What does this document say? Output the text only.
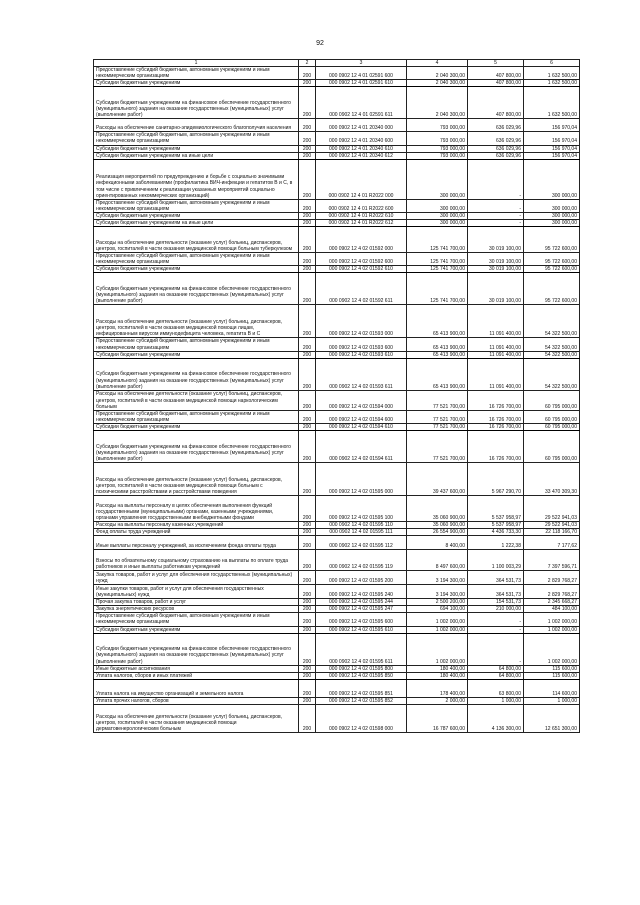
92
1	2	3	4	5	6
Предоставление субсидий бюджетным, автономным учреждениям и иным некоммерческим организациям	200	000 0902 12 4 01 02591 600	2 040 300,00	407 800,00	1 632 500,00
Субсидии бюджетным учреждениям	200	000 0902 12 4 01 02591 610	2 040 300,00	407 800,00	1 632 500,00
Субсидии бюджетным учреждениям на финансовое обеспечение государственного (муниципального) задания на оказание государственных (муниципальных) услуг (выполнение работ)	200	000 0902 12 4 01 02591 611	2 040 300,00	407 800,00	1 632 500,00
Расходы на обеспечение санитарно-эпидемиологического благополучия населения	200	000 0902 12 4 01 20340 000	793 000,00	636 029,96	156 970,04
Предоставление субсидий бюджетным, автономным учреждениям и иным некоммерческим организациям	200	000 0902 12 4 01 20340 600	793 000,00	636 029,96	156 970,04
Субсидии бюджетным учреждениям	200	000 0902 12 4 01 20340 610	793 000,00	636 029,96	156 970,04
Субсидии бюджетным учреждениям на иные цели	200	000 0902 12 4 01 20340 612	793 000,00	636 029,96	156 970,04
Реализация мероприятий по предупреждению и борьбе с социально значимыми инфекционными заболеваниями (профилактика ВИЧ-инфекции и гепатитов В и С, в том числе с привлечением к реализации указанных мероприятий социально ориентированных некоммерческих организаций)	200	000 0902 12 4 01 R2022 000	300 000,00	-	300 000,00
Предоставление субсидий бюджетным, автономным учреждениям и иным некоммерческим организациям	200	000 0902 12 4 01 R2022 600	300 000,00	-	300 000,00
Субсидии бюджетным учреждениям	200	000 0902 12 4 01 R2022 610	300 000,00	-	300 000,00
Субсидии бюджетным учреждениям на иные цели	200	000 0902 12 4 01 R2022 612	300 000,00	-	300 000,00
Расходы на обеспечение деятельности (оказание услуг) больниц, диспансеров, центров, госпиталей в части оказания медицинской помощи больным туберкулезом	200	000 0902 12 4 02 01592 000	125 741 700,00	30 019 100,00	95 722 600,00
Предоставление субсидий бюджетным, автономным учреждениям и иным некоммерческим организациям	200	000 0902 12 4 02 01592 600	125 741 700,00	30 019 100,00	95 722 600,00
Субсидии бюджетным учреждениям	200	000 0902 12 4 02 01592 610	125 741 700,00	30 019 100,00	95 722 600,00
Субсидии бюджетным учреждениям на финансовое обеспечение государственного (муниципального) задания на оказание государственных (муниципальных) услуг (выполнение работ)	200	000 0902 12 4 02 01592 611	125 741 700,00	30 019 100,00	95 722 600,00
Расходы на обеспечение деятельности (оказание услуг) больниц, диспансеров, центров, госпиталей в части оказания медицинской помощи лицам, инфицированным вирусом иммунодефицита человека, гепатита В и С	200	000 0902 12 4 02 01593 000	65 413 900,00	11 091 400,00	54 322 500,00
Предоставление субсидий бюджетным, автономным учреждениям и иным некоммерческим организациям	200	000 0902 12 4 02 01593 600	65 413 900,00	11 091 400,00	54 322 500,00
Субсидии бюджетным учреждениям	200	000 0902 12 4 02 01593 610	65 413 900,00	11 091 400,00	54 322 500,00
Субсидии бюджетным учреждениям на финансовое обеспечение государственного (муниципального) задания на оказание государственных (муниципальных) услуг (выполнение работ)	200	000 0902 12 4 02 01593 611	65 413 900,00	11 091 400,00	54 322 500,00
Расходы на обеспечение деятельности (оказание услуг) больниц, диспансеров, центров, госпиталей в части оказания медицинской помощи наркологическим больным	200	000 0902 12 4 02 01594 000	77 521 700,00	16 726 700,00	60 795 000,00
Предоставление субсидий бюджетным, автономным учреждениям и иным некоммерческим организациям	200	000 0902 12 4 02 01594 600	77 521 700,00	16 726 700,00	60 795 000,00
Субсидии бюджетным учреждениям	200	000 0902 12 4 02 01594 610	77 521 700,00	16 726 700,00	60 795 000,00
Субсидии бюджетным учреждениям на финансовое обеспечение государственного (муниципального) задания на оказание государственных (муниципальных) услуг (выполнение работ)	200	000 0902 12 4 02 01594 611	77 521 700,00	16 726 700,00	60 795 000,00
Расходы на обеспечение деятельности (оказание услуг) больниц, диспансеров, центров, госпиталей в части оказания медицинской помощи больным с психическими расстройствами и расстройствами поведения	200	000 0902 12 4 02 01595 000	39 437 600,00	5 967 290,70	33 470 309,30
Расходы на выплаты персоналу в целях обеспечения выполнения функций государственными (муниципальными) органами, казенными учреждениями, органами управления государственными внебюджетными фондами	200	000 0902 12 4 02 01595 100	35 060 900,00	5 537 958,97	29 522 941,03
Расходы на выплаты персоналу казенных учреждений	200	000 0902 12 4 02 01595 110	35 060 900,00	5 537 958,97	29 522 941,03
Фонд оплаты труда учреждений	200	000 0902 12 4 02 01595 111	26 554 900,00	4 436 733,30	22 118 166,70
Иные выплаты персоналу учреждений, за исключением фонда оплаты труда	200	000 0902 12 4 02 01595 112	8 400,00	1 222,38	7 177,62
Взносы по обязательному социальному страхованию на выплаты по оплате труда работников и иные выплаты работникам учреждений	200	000 0902 12 4 02 01595 119	8 497 600,00	1 100 003,29	7 397 596,71
Закупка товаров, работ и услуг для обеспечения государственных (муниципальных) нужд	200	000 0902 12 4 02 01595 200	3 194 300,00	364 531,73	2 829 768,27
Иные закупки товаров, работ и услуг для обеспечения государственных (муниципальных) нужд	200	000 0902 12 4 02 01595 240	3 194 300,00	364 531,73	2 829 768,27
Прочая закупка товаров, работ и услуг	200	000 0902 12 4 02 01595 244	2 500 200,00	154 531,73	2 345 668,27
Закупка энергетических ресурсов	200	000 0902 12 4 02 01595 247	694 100,00	210 000,00	484 100,00
Предоставление субсидий бюджетным, автономным учреждениям и иным некоммерческим организациям	200	000 0902 12 4 02 01595 600	1 002 000,00	-	1 002 000,00
Субсидии бюджетным учреждениям	200	000 0902 12 4 02 01595 610	1 002 000,00	-	1 002 000,00
Субсидии бюджетным учреждениям на финансовое обеспечение государственного (муниципального) задания на оказание государственных (муниципальных) услуг (выполнение работ)	200	000 0902 12 4 02 01595 611	1 002 000,00	-	1 002 000,00
Иные бюджетные ассигнования	200	000 0902 12 4 02 01595 800	180 400,00	64 800,00	115 600,00
Уплата налогов, сборов и иных платежей	200	000 0902 12 4 02 01595 850	180 400,00	64 800,00	115 600,00
Уплата налога на имущество организаций и земельного налога	200	000 0902 12 4 02 01595 851	178 400,00	63 800,00	114 600,00
Уплата прочих налогов, сборов	200	000 0902 12 4 02 01595 852	2 000,00	1 000,00	1 000,00
Расходы на обеспечение деятельности (оказание услуг) больниц, диспансеров, центров, госпиталей в части оказания медицинской помощи дерматовенерологическим больным	200	000 0902 12 4 02 01598 000	16 787 600,00	4 136 300,00	12 651 300,00
